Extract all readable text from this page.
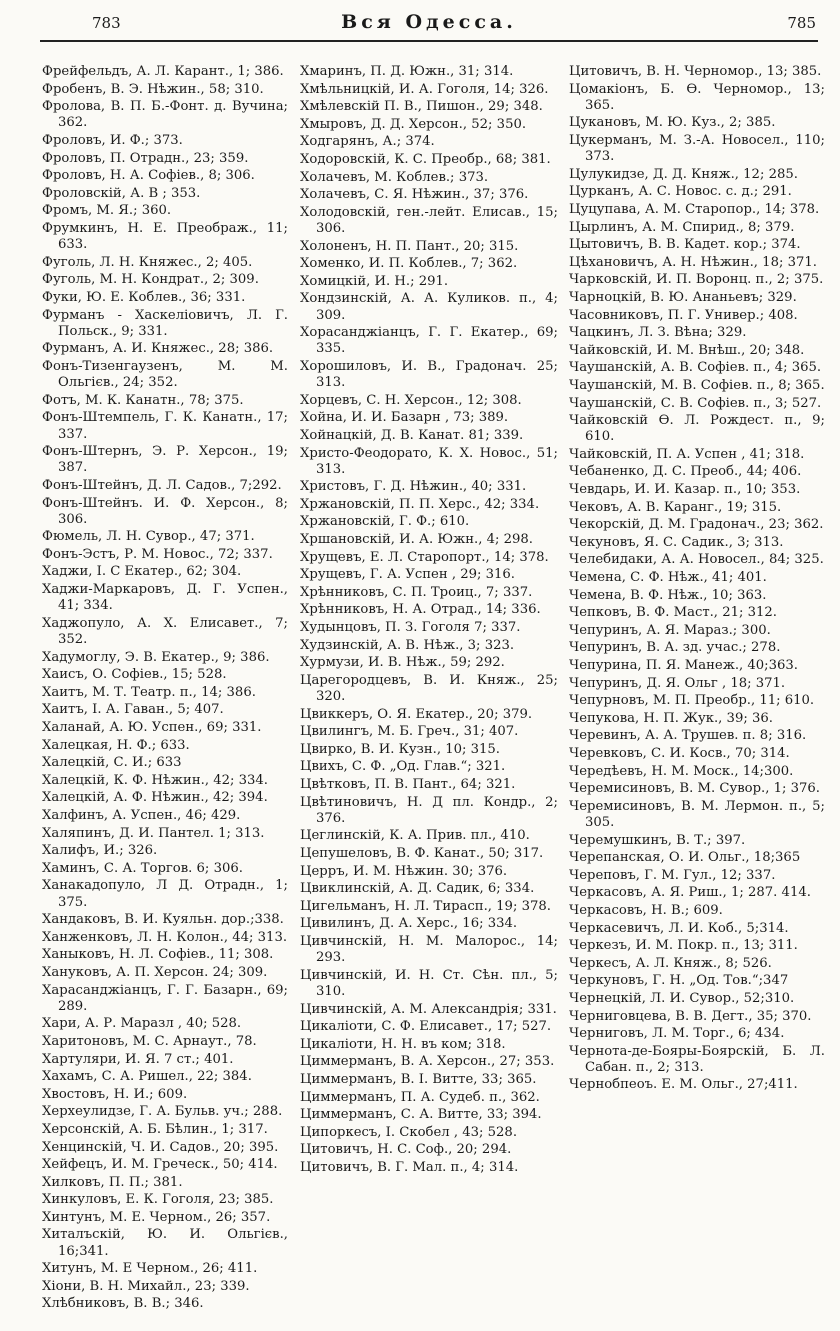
783	Вся Одесса.	785
Фрейфельдъ, А. Л. Карант., 1; 386.
Фробенъ, В. Э. Нѣжин., 58; 310.
Фролова, В. П. Б.-Фонт. д. Вучина; 362.
Фроловъ, И. Ф.; 373.
Фроловъ, П. Отрадн., 23; 359.
Фроловъ, Н. А. Софіев., 8; 306.
Фроловскій, А. В ; 353.
Фромъ, М. Я.; 360.
Фрумкинъ, Н. Е. Преображ., 11; 633.
Фуголь, Л. Н. Княжес., 2; 405.
Фуголь, М. Н. Кондрат., 2; 309.
Фуки, Ю. Е. Коблев., 36; 331.
Фурманъ - Хаскеліовичъ, Л. Г. Польск., 9; 331.
Фурманъ, А. И. Княжес., 28; 386.
Фонъ-Тизенгаузенъ, М. М. Ольгієв., 24; 352.
Фотъ, М. К. Канатн., 78; 375.
Фонъ-Штемпель, Г. К. Канатн., 17; 337.
Фонъ-Штернъ, Э. Р. Херсон., 19; 387.
Фонъ-Штейнъ, Д. Л. Садов., 7;292.
Фонъ-Штейнъ. И. Ф. Херсон., 8; 306.
Фюмель, Л. Н. Сувор., 47; 371.
Фонъ-Эстъ, Р. М. Новос., 72; 337.
Хаджи, І. С Екатер., 62; 304.
Хаджи-Маркаровъ, Д. Г. Успен., 41; 334.
Хаджопуло, А. Х. Елисавет., 7; 352.
Хадумоглу, Э. В. Екатер., 9; 386.
Хаисъ, О. Софіев., 15; 528.
Хаитъ, М. Т. Театр. п., 14; 386.
Хаитъ, І. А. Гаван., 5; 407.
Халанай, А. Ю. Успен., 69; 331.
Халецкая, Н. Ф.; 633.
Халецкій, С. И.; 633
Халецкій, К. Ф. Нѣжин., 42; 334.
Халецкій, А. Ф. Нѣжин., 42; 394.
Халфинъ, А. Успен., 46; 429.
Халяпинъ, Д. И. Пантел. 1; 313.
Халифъ, И.; 326.
Хаминъ, С. А. Торгов. 6; 306.
Ханакадопуло, Л Д. Отрадн., 1; 375.
Хандаковъ, В. И. Куяльн. дор.;338.
Ханженковъ, Л. Н. Колон., 44; 313.
Ханыковъ, Н. Л. Софіев., 11; 308.
Хануковъ, А. П. Херсон. 24; 309.
Харасанджіанцъ, Г. Г. Базарн., 69; 289.
Хари, А. Р. Маразл , 40; 528.
Харитоновъ, М. С. Арнаут., 78.
Хартуляри, И. Я. 7 ст.; 401.
Хахамъ, С. А. Ришел., 22; 384.
Хвостовъ, Н. И.; 609.
Херхеулидзе, Г. А. Бульв. уч.; 288.
Херсонскій, А. Б. Бѣлин., 1; 317.
Хенцинскій, Ч. И. Садов., 20; 395.
Хейфецъ, И. М. Греческ., 50; 414.
Хилковъ, П. П.; 381.
Хинкуловъ, Е. К. Гоголя, 23; 385.
Хинтунъ, М. Е. Черном., 26; 357.
Хиталъскій, Ю. И. Ольгієв., 16;341.
Хитунъ, М. Е Черном., 26; 411.
Хіони, В. Н. Михайл., 23; 339.
Хлѣбниковъ, В. В.; 346.
Хмаринъ, П. Д. Южн., 31; 314.
Хмѣльницкій, И. А. Гоголя, 14; 326.
Хмѣлевскій П. В., Пишон., 29; 348.
Хмыровъ, Д. Д. Херсон., 52; 350.
Ходгарянъ, А.; 374.
Ходоровскій, К. С. Преобр., 68; 381.
Холачевъ, М. Коблев.; 373.
Холачевъ, С. Я. Нѣжин., 37; 376.
Холодовскій, ген.-лейт. Елисав., 15; 306.
Холоненъ, Н. П. Пант., 20; 315.
Хоменко, И. П. Коблев., 7; 362.
Хомицкій, И. Н.; 291.
Хондзинскій, А. А. Куликов. п., 4; 309.
Хорасанджіанцъ, Г. Г. Екатер., 69; 335.
Хорошиловъ, И. В., Градонач. 25; 313.
Хорцевъ, С. Н. Херсон., 12; 308.
Хойна, И. И. Базарн , 73; 389.
Хойнацкій, Д. В. Канат. 81; 339.
Христо-Феодорато, К. Х. Новос., 51; 313.
Христовъ, Г. Д. Нѣжин., 40; 331.
Хржановскій, П. П. Херс., 42; 334.
Хржановскій, Г. Ф.; 610.
Хршановскій, И. А. Южн., 4; 298.
Хрущевъ, Е. Л. Старопорт., 14; 378.
Хрущевъ, Г. А. Успен , 29; 316.
Хрѣнниковъ, С. П. Троиц., 7; 337.
Хрѣнниковъ, Н. А. Отрад., 14; 336.
Худынцовъ, П. З. Гоголя 7; 337.
Худзинскій, А. В. Нѣж., 3; 323.
Хурмузи, И. В. Нѣж., 59; 292.
Царегородцевъ, В. И. Княж., 25; 320.
Цвиккеръ, О. Я. Екатер., 20; 379.
Цвилингъ, М. Б. Греч., 31; 407.
Цвирко, В. И. Кузн., 10; 315.
Цвихъ, С. Ф. „Од. Глав.“; 321.
Цвѣтковъ, П. В. Пант., 64; 321.
Цвѣтиновичъ, Н. Д пл. Кондр., 2; 376.
Цеглинскій, К. А. Прив. пл., 410.
Цепушеловъ, В. Ф. Канат., 50; 317.
Церръ, И. М. Нѣжин. 30; 376.
Цвиклинскій, А. Д. Садик, 6; 334.
Цигельманъ, Н. Л. Тирасп., 19; 378.
Цивилинъ, Д. А. Херс., 16; 334.
Цивчинскій, Н. М. Малорос., 14; 293.
Цивчинскій, И. Н. Ст. Сѣн. пл., 5; 310.
Цивчинскій, А. М. Александрія; 331.
Цикаліоти, С. Ф. Елисавет., 17; 527.
Цикаліоти, Н. Н. въ ком; 318.
Циммерманъ, В. А. Херсон., 27; 353.
Циммерманъ, В. І. Витте, 33; 365.
Циммерманъ, П. А. Судеб. п., 362.
Циммерманъ, С. А. Витте, 33; 394.
Ципоркесъ, І. Скобел , 43; 528.
Цитовичъ, Н. С. Соф., 20; 294.
Цитовичъ, В. Г. Мал. п., 4; 314.
Цитовичъ, В. Н. Черномор., 13; 385.
Цомакіонъ, Б. Ѳ. Черномор., 13; 365.
Цукановъ, М. Ю. Куз., 2; 385.
Цукерманъ, М. З.-А. Новосел., 110; 373.
Цулукидзе, Д. Д. Княж., 12; 285.
Цурканъ, А. С. Новос. с. д.; 291.
Цуцупава, А. М. Старопор., 14; 378.
Цырлинъ, А. М. Спирид., 8; 379.
Цытовичъ, В. В. Кадет. кор.; 374.
Цѣхановичъ, А. Н. Нѣжин., 18; 371.
Чарковскій, И. П. Воронц. п., 2; 375.
Чарноцкій, В. Ю. Ананьевъ; 329.
Часовниковъ, П. Г. Универ.; 408.
Чацкинъ, Л. З. Вѣна; 329.
Чайковскій, И. М. Внѣш., 20; 348.
Чаушанскій, А. В. Софіев. п., 4; 365.
Чаушанскій, М. В. Софіев. п., 8; 365.
Чаушанскій, С. В. Софіев. п., 3; 527.
Чайковскій Ѳ. Л. Рождест. п., 9; 610.
Чайковскій, П. А. Успен , 41; 318.
Чебаненко, Д. С. Преоб., 44; 406.
Чевдарь, И. И. Казар. п., 10; 353.
Чековъ, А. В. Каранг., 19; 315.
Чекорскій, Д. М. Градонач., 23; 362.
Чекуновъ, Я. С. Садик., 3; 313.
Челебидаки, А. А. Новосел., 84; 325.
Чемена, С. Ф. Нѣж., 41; 401.
Чемена, В. Ф. Нѣж., 10; 363.
Чепковъ, В. Ф. Маст., 21; 312.
Чепуринъ, А. Я. Мараз.; 300.
Чепуринъ, В. А. зд. учас.; 278.
Чепурина, П. Я. Манеж., 40;363.
Чепуринъ, Д. Я. Ольг , 18; 371.
Чепурновъ, М. П. Преобр., 11; 610.
Чепукова, Н. П. Жук., 39; 36.
Черевинъ, А. А. Трушев. п. 8; 316.
Черевковъ, С. И. Косв., 70; 314.
Чередѣевъ, Н. М. Моск., 14;300.
Черемисиновъ, В. М. Сувор., 1; 376.
Черемисиновъ, В. М. Лермон. п., 5; 305.
Черемушкинъ, В. Т.; 397.
Черепанская, О. И. Ольг., 18;365
Череповъ, Г. М. Гул., 12; 337.
Черкасовъ, А. Я. Риш., 1; 287. 414.
Черкасовъ, Н. В.; 609.
Черкасевичъ, Л. И. Коб., 5;314.
Черкезъ, И. М. Покр. п., 13; 311.
Черкесъ, А. Л. Княж., 8; 526.
Черкуновъ, Г. Н. „Од. Тов.“;347
Чернецкій, Л. И. Сувор., 52;310.
Черниговцева, В. В. Дегт., 35; 370.
Черниговъ, Л. М. Торг., 6; 434.
Чернота-де-Бояры-Боярскій, Б. Л. Сабан. п., 2; 313.
Чернобпеоъ. Е. М. Ольг., 27;411.
